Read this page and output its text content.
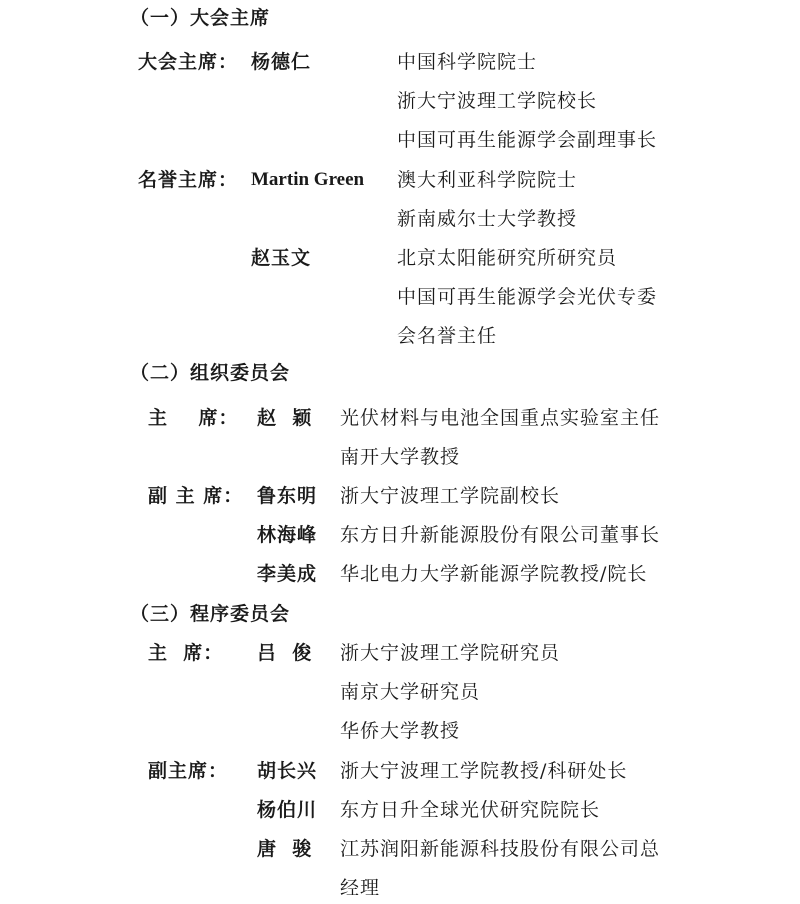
（一）大会主席
大会主席： 杨德仁	中国科学院院士
浙大宁波理工学院校长
中国可再生能源学会副理事长
名誉主席： Martin Green 澳大利亚科学院院士
新南威尔士大学教授
赵玉文	北京太阳能研究所研究员
中国可再生能源学会光伏专委
会名誉主任
（二）组织委员会
主    席： 赵  颖 光伏材料与电池全国重点实验室主任
南开大学教授
副 主 席： 鲁东明 浙大宁波理工学院副校长
林海峰 东方日升新能源股份有限公司董事长
李美成 华北电力大学新能源学院教授/院长
（三）程序委员会
主  席： 吕  俊 浙大宁波理工学院研究员
南京大学研究员
华侨大学教授
副主席： 胡长兴 浙大宁波理工学院教授/科研处长
杨伯川 东方日升全球光伏研究院院长
唐  骏 江苏润阳新能源科技股份有限公司总
经理
